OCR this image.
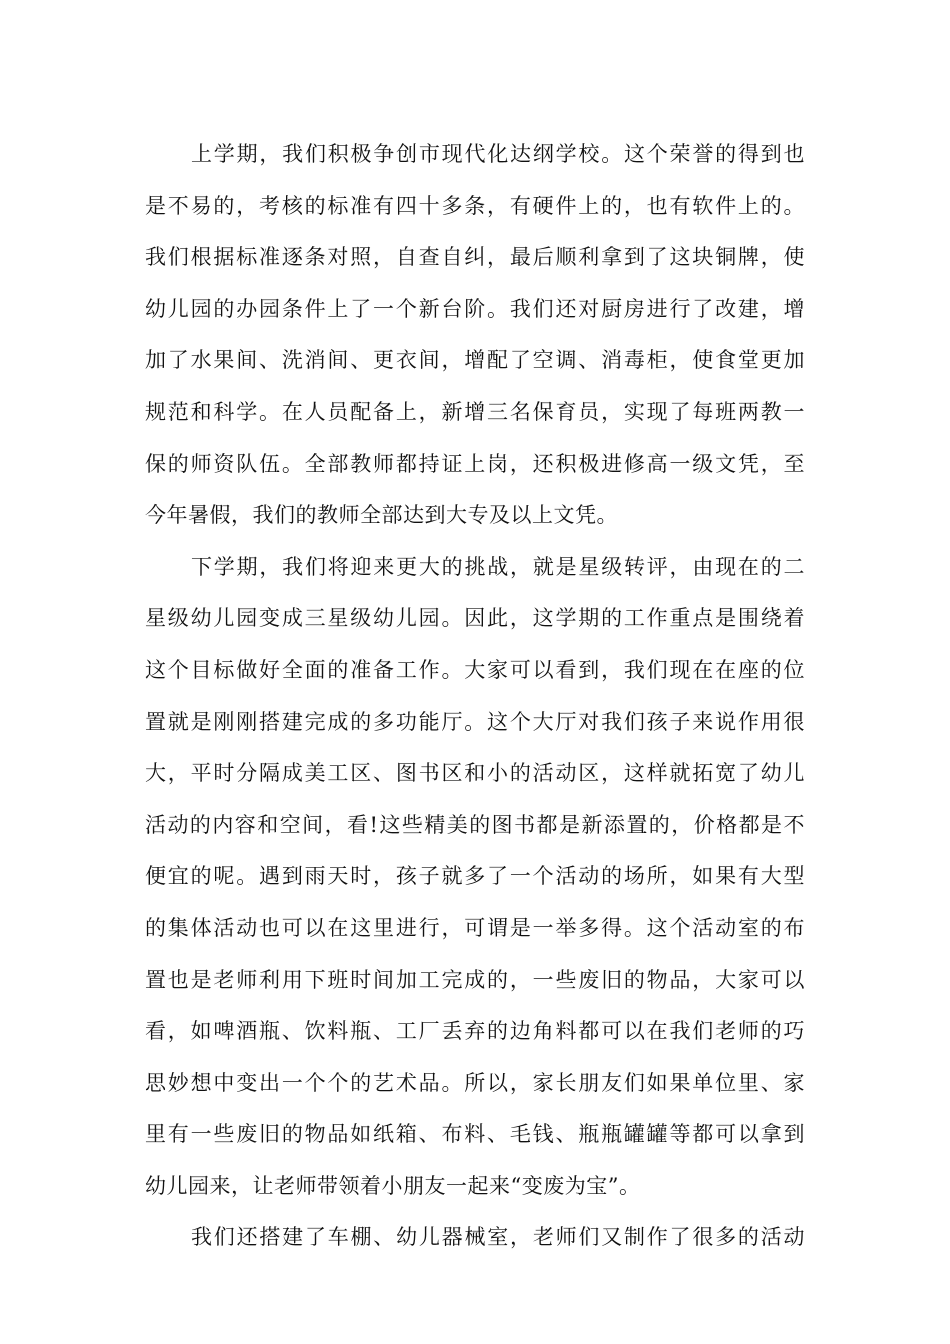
上学期，我们积极争创市现代化达纲学校。这个荣誉的得到也
是不易的，考核的标准有四十多条，有硬件上的，也有软件上的。
我们根据标准逐条对照，自查自纠，最后顺利拿到了这块铜牌，使
幼儿园的办园条件上了一个新台阶。我们还对厨房进行了改建，增
加了水果间、洗消间、更衣间，增配了空调、消毒柜，使食堂更加
规范和科学。在人员配备上，新增三名保育员，实现了每班两教一
保的师资队伍。全部教师都持证上岗，还积极进修高一级文凭，至
今年暑假，我们的教师全部达到大专及以上文凭。
下学期，我们将迎来更大的挑战，就是星级转评，由现在的二
星级幼儿园变成三星级幼儿园。因此，这学期的工作重点是围绕着
这个目标做好全面的准备工作。大家可以看到，我们现在在座的位
置就是刚刚搭建完成的多功能厅。这个大厅对我们孩子来说作用很
大，平时分隔成美工区、图书区和小的活动区，这样就拓宽了幼儿
活动的内容和空间，看!这些精美的图书都是新添置的，价格都是不
便宜的呢。遇到雨天时，孩子就多了一个活动的场所，如果有大型
的集体活动也可以在这里进行，可谓是一举多得。这个活动室的布
置也是老师利用下班时间加工完成的，一些废旧的物品，大家可以
看，如啤酒瓶、饮料瓶、工厂丢弃的边角料都可以在我们老师的巧
思妙想中变出一个个的艺术品。所以，家长朋友们如果单位里、家
里有一些废旧的物品如纸箱、布料、毛钱、瓶瓶罐罐等都可以拿到
幼儿园来，让老师带领着小朋友一起来“变废为宝”。
我们还搭建了车棚、幼儿器械室，老师们又制作了很多的活动
